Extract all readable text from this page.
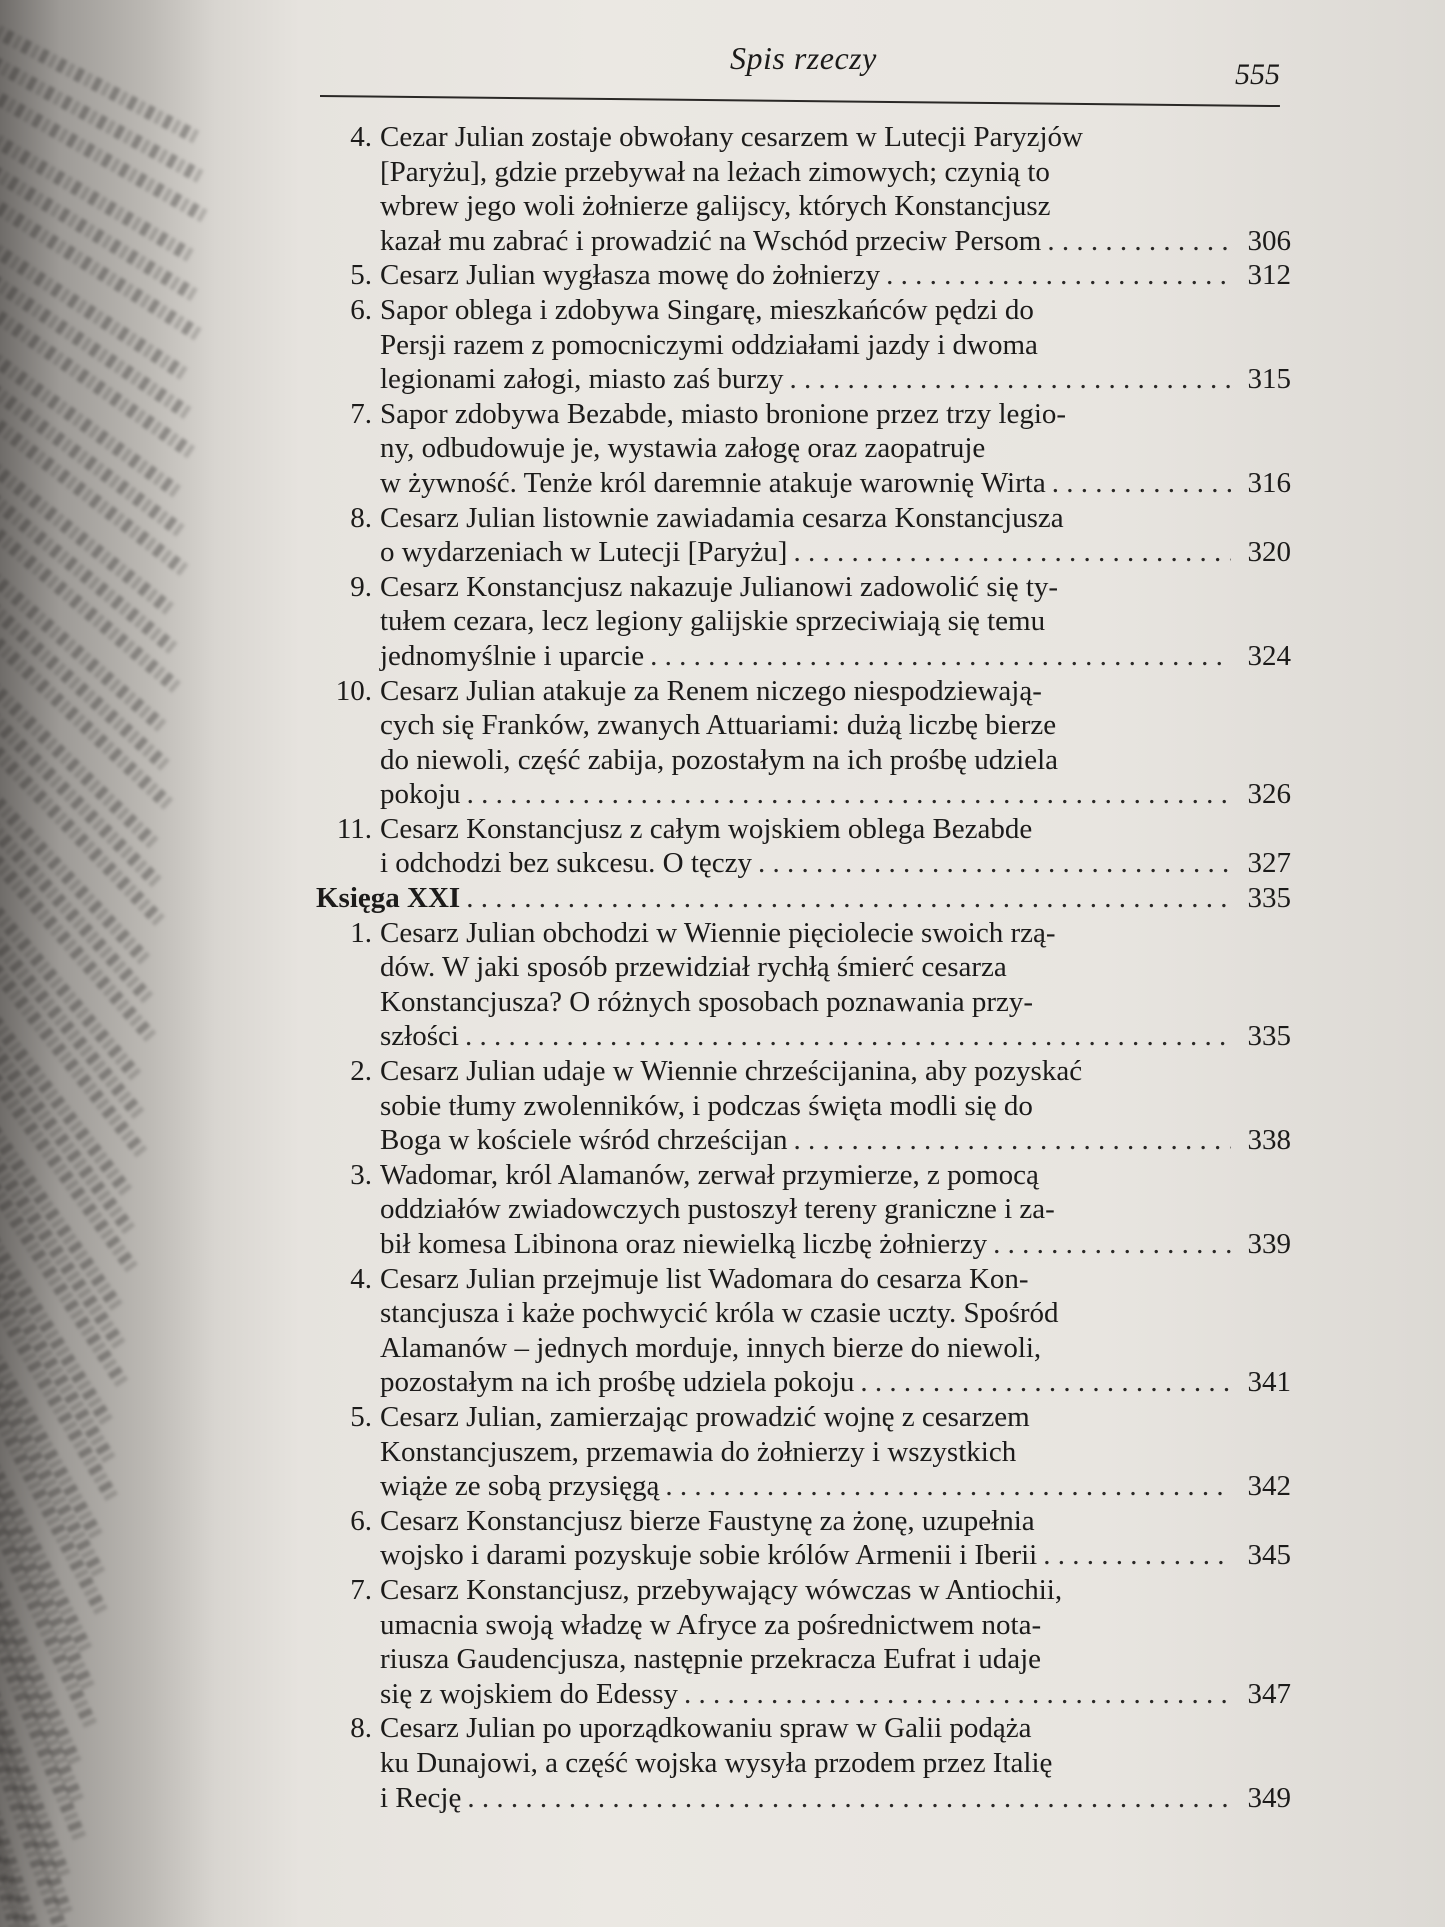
Spis rzeczy	555
4. Cezar Julian zostaje obwołany cesarzem w Lutecji Paryzjów
[Paryżu], gdzie przebywał na leżach zimowych; czynią to
wbrew jego woli żołnierze galijscy, których Konstancjusz
kazał mu zabrać i prowadzić na Wschód przeciw Persom . . .	306
5. Cesarz Julian wygłasza mowę do żołnierzy . . .	312
6. Sapor oblega i zdobywa Singarę, mieszkańców pędzi do
Persji razem z pomocniczymi oddziałami jazdy i dwoma
legionami załogi, miasto zaś burzy . . .	315
7. Sapor zdobywa Bezabde, miasto bronione przez trzy legio-
ny, odbudowuje je, wystawia załogę oraz zaopatruje
w żywność. Tenże król daremnie atakuje warownię Wirta . . .	316
8. Cesarz Julian listownie zawiadamia cesarza Konstancjusza
o wydarzeniach w Lutecji [Paryżu] . . .	320
9. Cesarz Konstancjusz nakazuje Julianowi zadowolić się ty-
tułem cezara, lecz legiony galijskie sprzeciwiają się temu
jednomyślnie i uparcie . . .	324
10. Cesarz Julian atakuje za Renem niczego niespodziewają-
cych się Franków, zwanych Attuariami: dużą liczbę bierze
do niewoli, część zabija, pozostałym na ich prośbę udziela
pokoju . . .	326
11. Cesarz Konstancjusz z całym wojskiem oblega Bezabde
i odchodzi bez sukcesu. O tęczy . . .	327
Księga XXI . . .	335
1. Cesarz Julian obchodzi w Wiennie pięciolecie swoich rzą-
dów. W jaki sposób przewidział rychłą śmierć cesarza
Konstancjusza? O różnych sposobach poznawania przy-
szłości . . .	335
2. Cesarz Julian udaje w Wiennie chrześcijanina, aby pozyskać
sobie tłumy zwolenników, i podczas święta modli się do
Boga w kościele wśród chrześcijan . . .	338
3. Wadomar, król Alamanów, zerwał przymierze, z pomocą
oddziałów zwiadowczych pustoszył tereny graniczne i za-
bił komesa Libinona oraz niewielką liczbę żołnierzy . . .	339
4. Cesarz Julian przejmuje list Wadomara do cesarza Kon-
stancjusza i każe pochwycić króla w czasie uczty. Spośród
Alamanów – jednych morduje, innych bierze do niewoli,
pozostałym na ich prośbę udziela pokoju . . .	341
5. Cesarz Julian, zamierzając prowadzić wojnę z cesarzem
Konstancjuszem, przemawia do żołnierzy i wszystkich
wiąże ze sobą przysięgą . . .	342
6. Cesarz Konstancjusz bierze Faustynę za żonę, uzupełnia
wojsko i darami pozyskuje sobie królów Armenii i Iberii . . .	345
7. Cesarz Konstancjusz, przebywający wówczas w Antiochii,
umacnia swoją władzę w Afryce za pośrednictwem nota-
riusza Gaudencjusza, następnie przekracza Eufrat i udaje
się z wojskiem do Edessy . . .	347
8. Cesarz Julian po uporządkowaniu spraw w Galii podąża
ku Dunajowi, a część wojska wysyła przodem przez Italię
i Recję . . .	349
